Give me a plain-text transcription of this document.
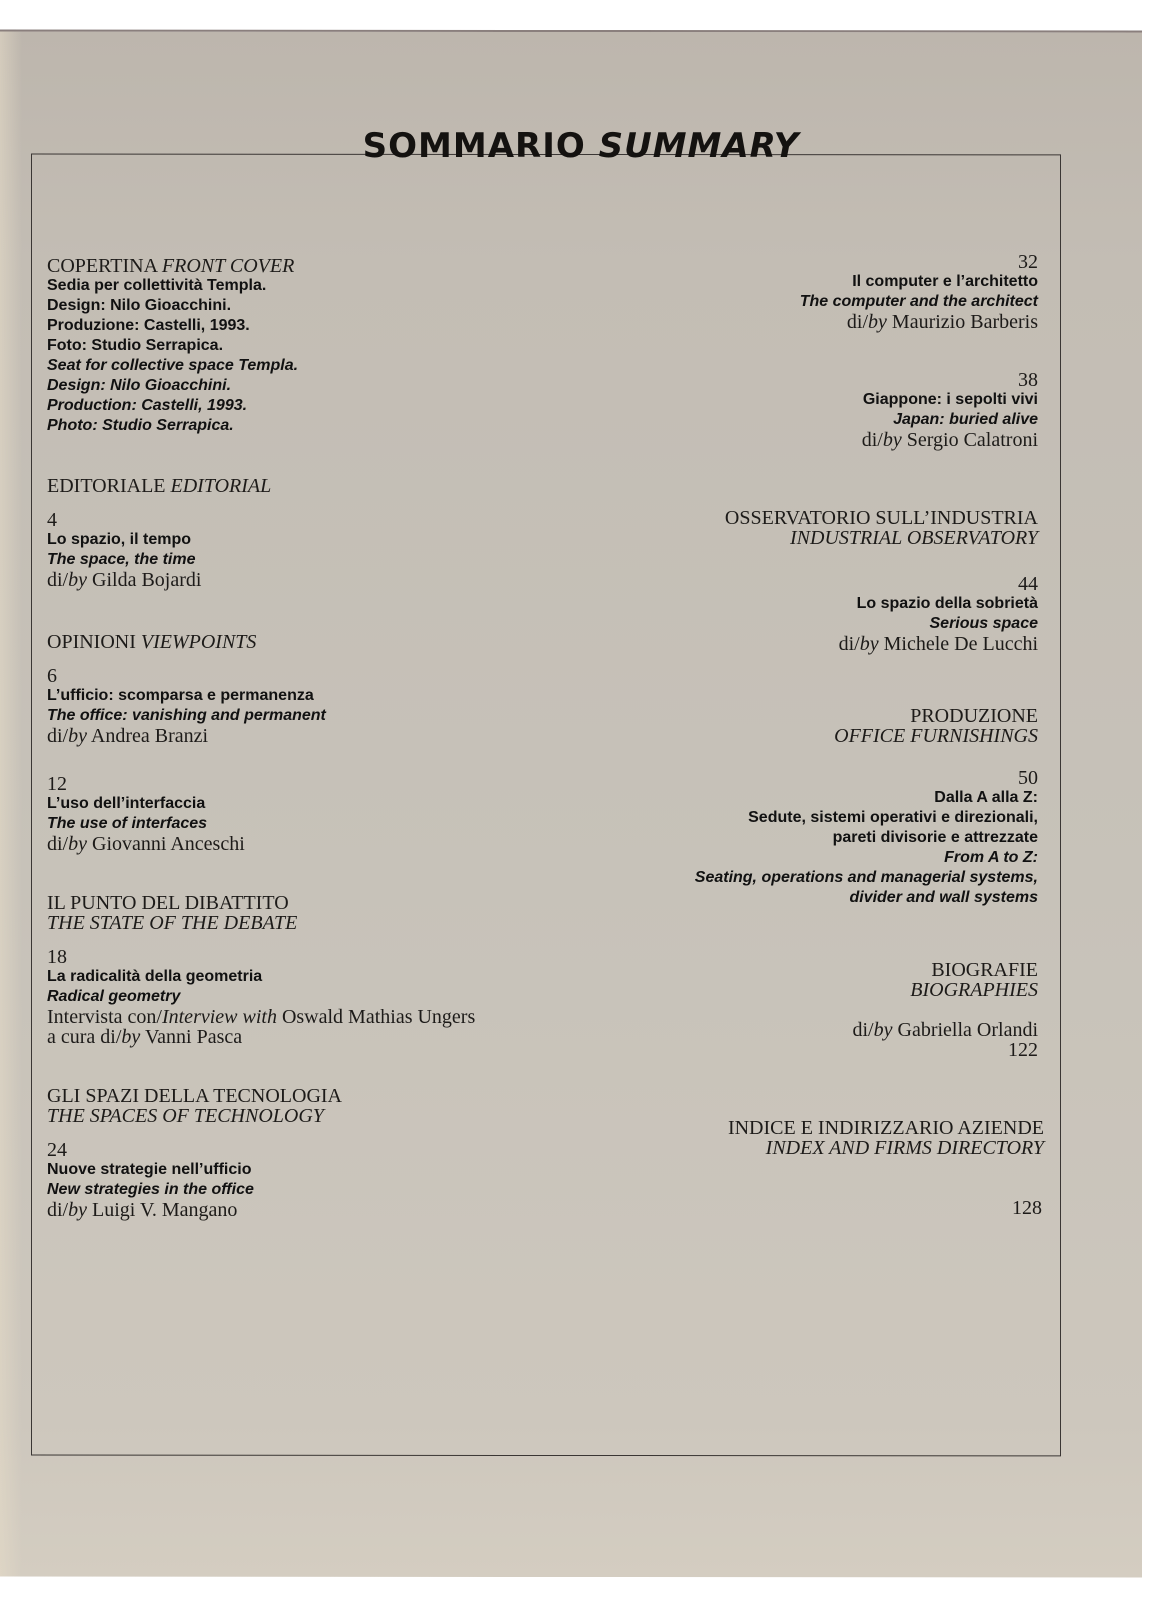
SOMMARIO SUMMARY
COPERTINA FRONT COVER
Sedia per collettività Templa.
Design: Nilo Gioacchini.
Produzione: Castelli, 1993.
Foto: Studio Serrapica.
Seat for collective space Templa.
Design: Nilo Gioacchini.
Production: Castelli, 1993.
Photo: Studio Serrapica.
EDITORIALE EDITORIAL
4
Lo spazio, il tempo
The space, the time
di/by Gilda Bojardi
OPINIONI VIEWPOINTS
6
L’ufficio: scomparsa e permanenza
The office: vanishing and permanent
di/by Andrea Branzi
12
L’uso dell’interfaccia
The use of interfaces
di/by Giovanni Anceschi
IL PUNTO DEL DIBATTITO
THE STATE OF THE DEBATE
18
La radicalità della geometria
Radical geometry
Intervista con/Interview with Oswald Mathias Ungers
a cura di/by Vanni Pasca
GLI SPAZI DELLA TECNOLOGIA
THE SPACES OF TECHNOLOGY
24
Nuove strategie nell’ufficio
New strategies in the office
di/by Luigi V. Mangano
32
Il computer e l’architetto
The computer and the architect
di/by Maurizio Barberis
38
Giappone: i sepolti vivi
Japan: buried alive
di/by Sergio Calatroni
OSSERVATORIO SULL’INDUSTRIA
INDUSTRIAL OBSERVATORY
44
Lo spazio della sobrietà
Serious space
di/by Michele De Lucchi
PRODUZIONE
OFFICE FURNISHINGS
50
Dalla A alla Z:
Sedute, sistemi operativi e direzionali,
pareti divisorie e attrezzate
From A to Z:
Seating, operations and managerial systems,
divider and wall systems
BIOGRAFIE
BIOGRAPHIES
di/by Gabriella Orlandi
122
INDICE E INDIRIZZARIO AZIENDE
INDEX AND FIRMS DIRECTORY
128
